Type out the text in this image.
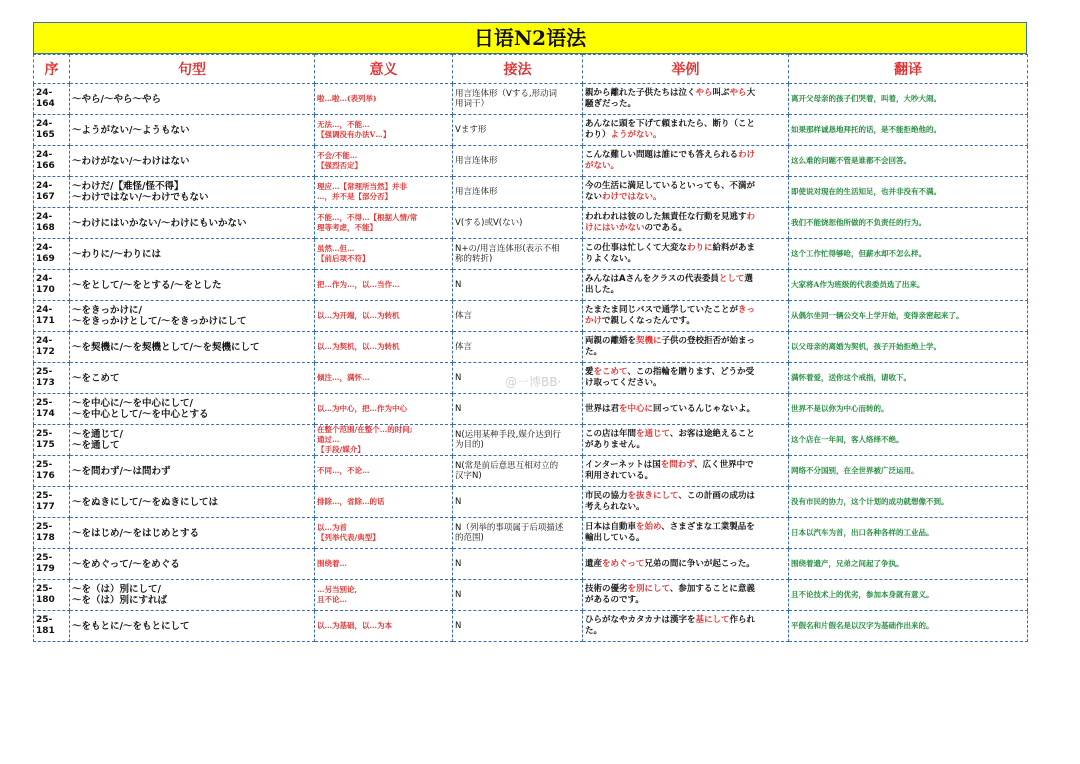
日语N2语法
序	句型	意义	接法	举例	翻译
24-164	～やら/～やら～やら	啦…啦…(表列举)	用言连体形（Vする,形动词
用词干）	親から離れた子供たちは泣くやら叫ぶやら大
騒ぎだった。	离开父母亲的孩子们哭着，叫着，大吵大闹。
24-165	～ようがない/～ようもない	无法…，不能…
【强调没有办法V…】	Vます形	あんなに頭を下げて頼まれたら、断り（こと
わり）ようがない。	如果那样诚恳地拜托的话，是不能拒绝他的。
24-166	～わけがない/～わけはない	不会/不能…
【强烈否定】	用言连体形	こんな難しい問題は誰にでも答えられるわけ
がない。	这么难的问题不管是谁都不会回答。
24-167	～わけだ/【难怪/怪不得】
～わけではない/～わけでもない	理应…【常理所当然】并非
…，并不是【部分否】	用言连体形	今の生活に満足しているといっても、不満が
ないわけではない。	即使说对现在的生活知足，也并非没有不满。
24-168	～わけにはいかない/～わけにもいかない	不能…，不得…【根据人情/常
理等考虑，不能】	V(する)或V(ない)	われわれは彼のした無責任な行動を見逃すわ
けにはいかないのである。	我们不能饶恕他所做的不负责任的行为。
24-169	～わりに/～わりには	虽然…但…
【前后项不符】	N+の/用言连体形(表示不相
称的转折)	この仕事は忙しくて大変なわりに給料があま
りよくない。	这个工作忙得够呛，但薪水却不怎么样。
24-170	～をとして/～をとする/～をとした	把…作为…，以…当作…	N	みんなはAさんをクラスの代表委員として選
出した。	大家将A作为班级的代表委员选了出来。
24-171	～をきっかけに/
～をきっかけとして/～をきっかけにして	以…为开端，以…为转机	体言	たまたま同じバスで通学していたことがきっ
かけで親しくなったんです。	从偶尔坐同一辆公交车上学开始，变得亲密起来了。
24-172	～を契機に/～を契機として/～を契機にして	以…为契机，以…为转机	体言	両親の離婚を契機に子供の登校拒否が始まっ
た。	以父母亲的离婚为契机，孩子开始拒绝上学。
25-173	～をこめて	倾注…，满怀…	N	愛をこめて、この指輪を贈ります、どうか受
け取ってください。	满怀着爱，送你这个戒指，请收下。
25-174	～を中心に/～を中心にして/
～を中心として/～を中心とする	以…为中心，把…作为中心	N	世界は君を中心に回っているんじゃないよ。	世界不是以你为中心而转的。
25-175	～を通じて/
～を通して	在整个范围/在整个…的时间;
通过…
【手段/媒介】	N(运用某种手段,媒介达到行
为目的)	この店は年間を通じて、お客は途絶えること
がありません。	这个店在一年间，客人络绎不绝。
25-176	～を問わず/～は問わず	不同…，不论…	N(常是前后意思互相对立的
汉字N)	インターネットは国を問わず、広く世界中で
利用されている。	网络不分国别，在全世界被广泛运用。
25-177	～をぬきにして/～をぬきにしては	排除…，省除…的话	N	市民の協力を抜きにして、この計画の成功は
考えられない。	没有市民的协力，这个计划的成功就想像不到。
25-178	～をはじめ/～をはじめとする	以…为首
【列举代表/典型】	N（列举的事项属于后项描述
的范围)	日本は自動車を始め、さまざまな工業製品を
輸出している。	日本以汽车为首，出口各种各样的工业品。
25-179	～をめぐって/～をめぐる	围绕着…	N	遺産をめぐって兄弟の間に争いが起こった。	围绕着遗产，兄弟之间起了争执。
25-180	～を（は）別にして/
～を（は）別にすれば	…另当别论,
且不论…	N	技術の優劣を別にして、参加することに意義
があるのです。	且不论技术上的优劣，参加本身就有意义。
25-181	～をもとに/～をもとにして	以…为基础，以…为本	N	ひらがなやカタカナは漢字を基にして作られ
た。	平假名和片假名是以汉字为基础作出来的。
@一博BB·
